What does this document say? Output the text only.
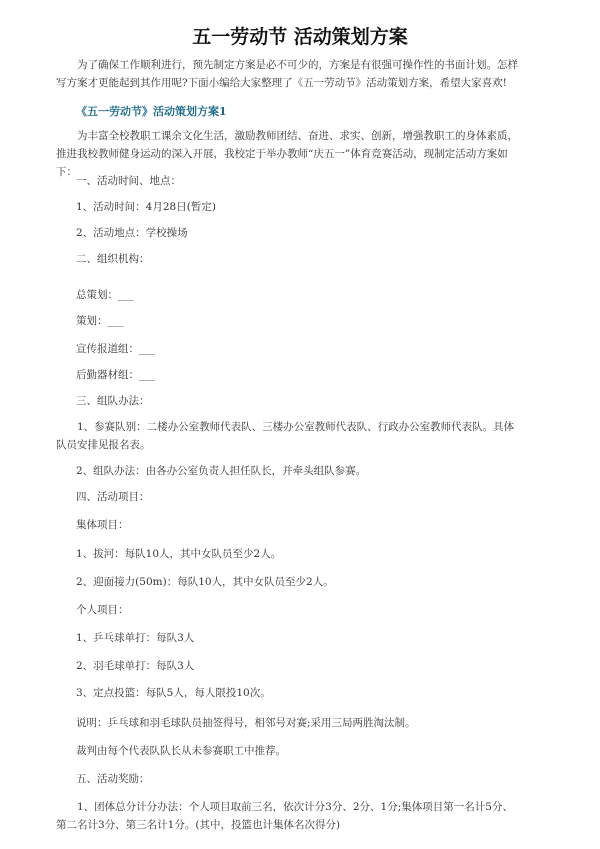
五一劳动节 活动策划方案

为了确保工作顺利进行，预先制定方案是必不可少的，方案是有很强可操作性的书面计划。怎样写方案才更能起到其作用呢?下面小编给大家整理了《五一劳动节》活动策划方案，希望大家喜欢!

《五一劳动节》活动策划方案1

为丰富全校教职工课余文化生活，激励教师团结、奋进、求实、创新，增强教职工的身体素质，推进我校教师健身运动的深入开展，我校定于举办教师“庆五一”体育竞赛活动，现制定活动方案如下：

一、活动时间、地点：

1、活动时间：4月28日(暂定)

2、活动地点：学校操场

二、组织机构：

总策划：___

策划：___

宣传报道组：___

后勤器材组：___

三、组队办法：

1、参赛队别：二楼办公室教师代表队、三楼办公室教师代表队、行政办公室教师代表队。具体队员安排见报名表。

2、组队办法：由各办公室负责人担任队长，并牵头组队参赛。

四、活动项目：

集体项目：

1、拔河：每队10人，其中女队员至少2人。

2、迎面接力(50m)：每队10人，其中女队员至少2人。

个人项目：

1、乒乓球单打：每队3人

2、羽毛球单打：每队3人

3、定点投篮：每队5人，每人限投10次。

说明：乒乓球和羽毛球队员抽签得号，相邻号对赛;采用三局两胜淘汰制。

裁判由每个代表队队长从未参赛职工中推荐。

五、活动奖励：

1、团体总分计分办法：个人项目取前三名，依次计分3分、2分、1分;集体项目第一名计5分、第二名计3分、第三名计1分。(其中，投篮也计集体名次得分)
